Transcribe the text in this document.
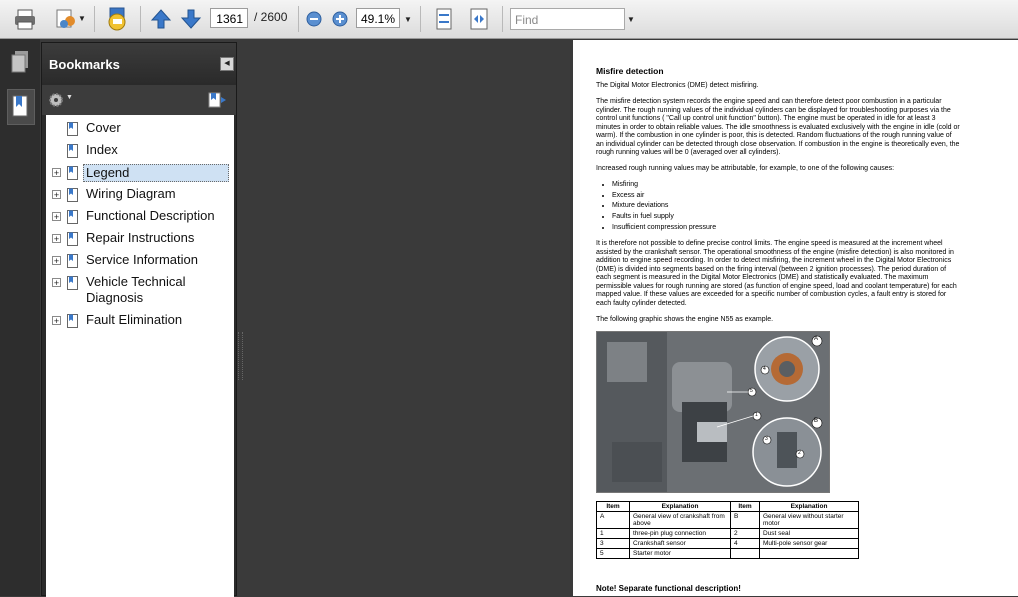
▼	1361 / 2600	49.1%	▼	Find	▼
Bookmarks	◀
▼
Cover
Index
+ Legend
+ Wiring Diagram
+ Functional Description
+ Repair Instructions
+ Service Information
+ Vehicle Technical Diagnosis
+ Fault Elimination
Misfire detection
The Digital Motor Electronics (DME) detect misfiring.
The misfire detection system records the engine speed and can therefore detect poor combustion in a particular cylinder. The rough running values of the individual cylinders can be displayed for troubleshooting purposes via the control unit functions ( "Call up control unit function" button). The engine must be operated in idle for at least 3 minutes in order to obtain reliable values. The idle smoothness is evaluated exclusively with the engine in idle (cold or warm). If the combustion in one cylinder is poor, this is detected. Random fluctuations of the rough running value of an individual cylinder can be detected through close observation. If combustion in the engine is theoretically even, the rough running values will be 0 (averaged over all cylinders).
Increased rough running values may be attributable, for example, to one of the following causes:
• Misfiring
• Excess air
• Mixture deviations
• Faults in fuel supply
• Insufficient compression pressure
It is therefore not possible to define precise control limits. The engine speed is measured at the increment wheel assisted by the crankshaft sensor. The operational smoothness of the engine (misfire detection) is also monitored in addition to engine speed recording. In order to detect misfiring, the increment wheel in the Digital Motor Electronics (DME) is divided into segments based on the firing interval (between 2 ignition processes). The period duration of each segment is measured in the Digital Motor Electronics (DME) and statistically evaluated. The maximum permissible values for rough running are stored (as function of engine speed, load and coolant temperature) for each mapped value. If these values are exceeded for a specific number of combustion cycles, a fault entry is stored for each faulty cylinder detected.
The following graphic shows the engine N55 as example.
A
B
1
2
3
4
5
Item	Explanation	Item	Explanation
A	General view of crankshaft from above	B	General view without starter motor
1	three-pin plug connection	2	Dust seal
3	Crankshaft sensor	4	Multi-pole sensor gear
5	Starter motor		
Note! Separate functional description!
